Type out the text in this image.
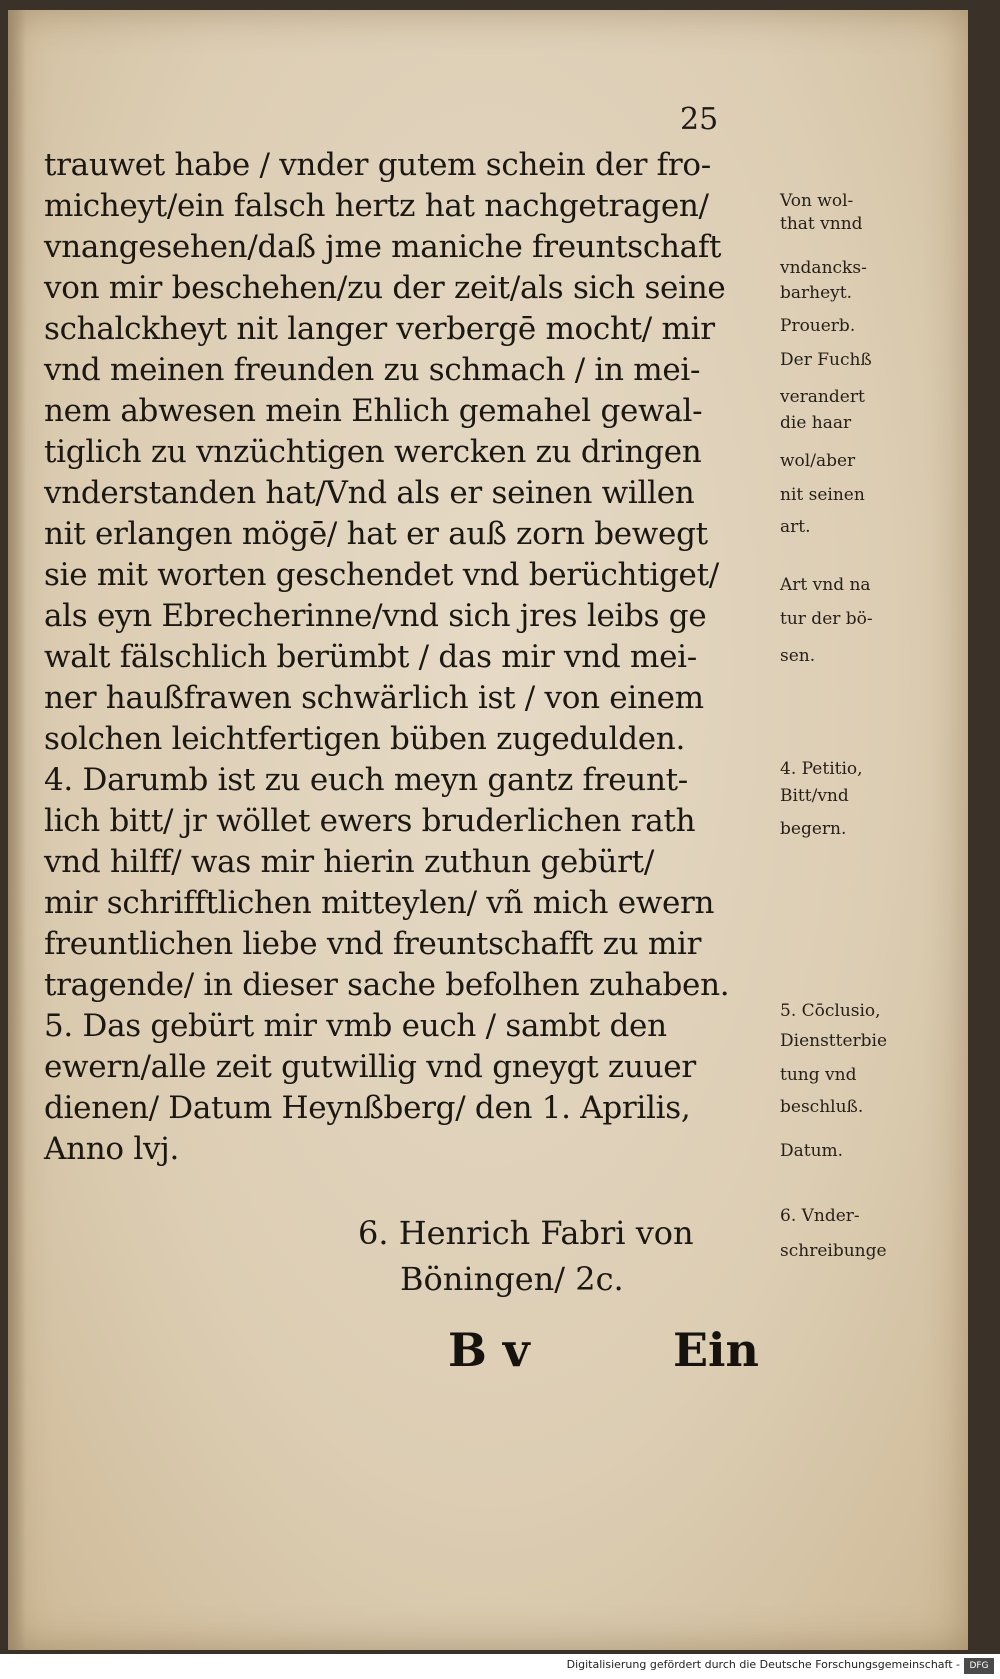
25
trauwet habe / vnder gutem schein der fro-
micheyt/ein falsch hertz hat nachgetragen/
vnangesehen/daß jme maniche freuntschaft
von mir beschehen/zu der zeit/als sich seine
schalckheyt nit langer verbergē mocht/ mir
vnd meinen freunden zu schmach / in mei-
nem abwesen mein Ehlich gemahel gewal-
tiglich zu vnzüchtigen wercken zu dringen
vnderstanden hat/Vnd als er seinen willen
nit erlangen mögē/ hat er auß zorn bewegt
sie mit worten geschendet vnd berüchtiget/
als eyn Ebrecherinne/vnd sich jres leibs ge
walt fälschlich berümbt / das mir vnd mei-
ner haußfrawen schwärlich ist / von einem
solchen leichtfertigen büben zugedulden.
4. Darumb ist zu euch meyn gantz freunt-
lich bitt/ jr wöllet ewers bruderlichen rath
vnd hilff/ was mir hierin zuthun gebürt/
mir schrifftlichen mitteylen/ vñ mich ewern
freuntlichen liebe vnd freuntschafft zu mir
tragende/ in dieser sache befolhen zuhaben.
5. Das gebürt mir vmb euch / sambt den
ewern/alle zeit gutwillig vnd gneygt zuuer
dienen/ Datum Heynßberg/ den 1. Aprilis,
Anno lvj.
Von wol-
that vnnd
vndancks-
barheyt.
Prouerb.
Der Fuchß
verandert
die haar
wol/aber
nit seinen
art.
Art vnd na
tur der bö-
sen.
4. Petitio,
Bitt/vnd
begern.
5. Cōclusio,
Dienstterbie
tung vnd
beschluß.
Datum.
6. Vnder-
schreibunge
6. Henrich Fabri von
Böningen/ 2c.
B v	Ein
Digitalisierung gefördert durch die Deutsche Forschungsgemeinschaft -	DFG
